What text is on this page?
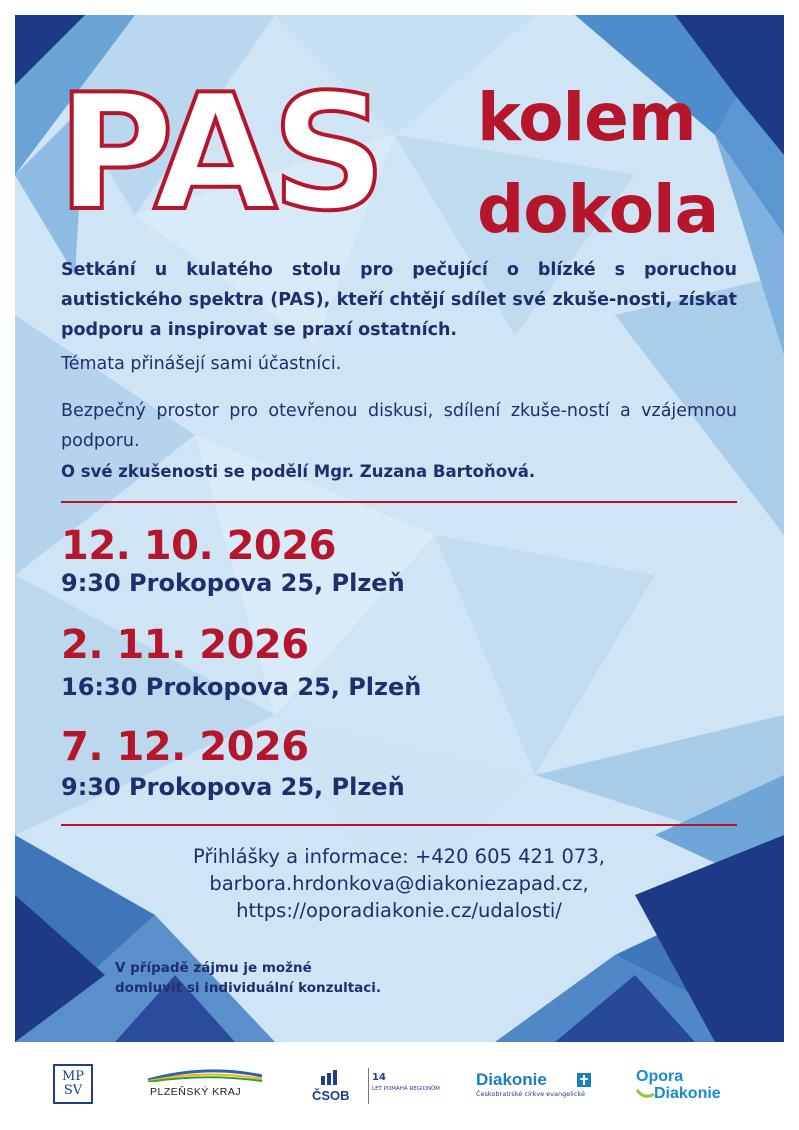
PAS kolem
dokola

Setkání u kulatého stolu pro pečující o blízké s poruchou autistického spektra (PAS), kteří chtějí sdílet své zkuše-nosti, získat podporu a inspirovat se praxí ostatních.

Témata přinášejí sami účastníci.

Bezpečný prostor pro otevřenou diskusi, sdílení zkuše-ností a vzájemnou podporu.

O své zkušenosti se podělí Mgr. Zuzana Bartoňová.

12. 10. 2026
9:30 Prokopova 25, Plzeň
2. 11. 2026
16:30 Prokopova 25, Plzeň
7. 12. 2026
9:30 Prokopova 25, Plzeň
Přihlášky a informace: +420 605 421 073,
barbora.hrdonkova@diakoniezapad.cz,
https://oporadiakonie.cz/udalosti/
V případě zájmu je možné
domluvit si individuální konzultaci.
MP
SV	PLZEŇSKÝ KRAJ	ČSOB
14
LET POMÁHÁ REGIONŮM Diakonie
Českobratrské církve evangelické
Opora
Diakonie
